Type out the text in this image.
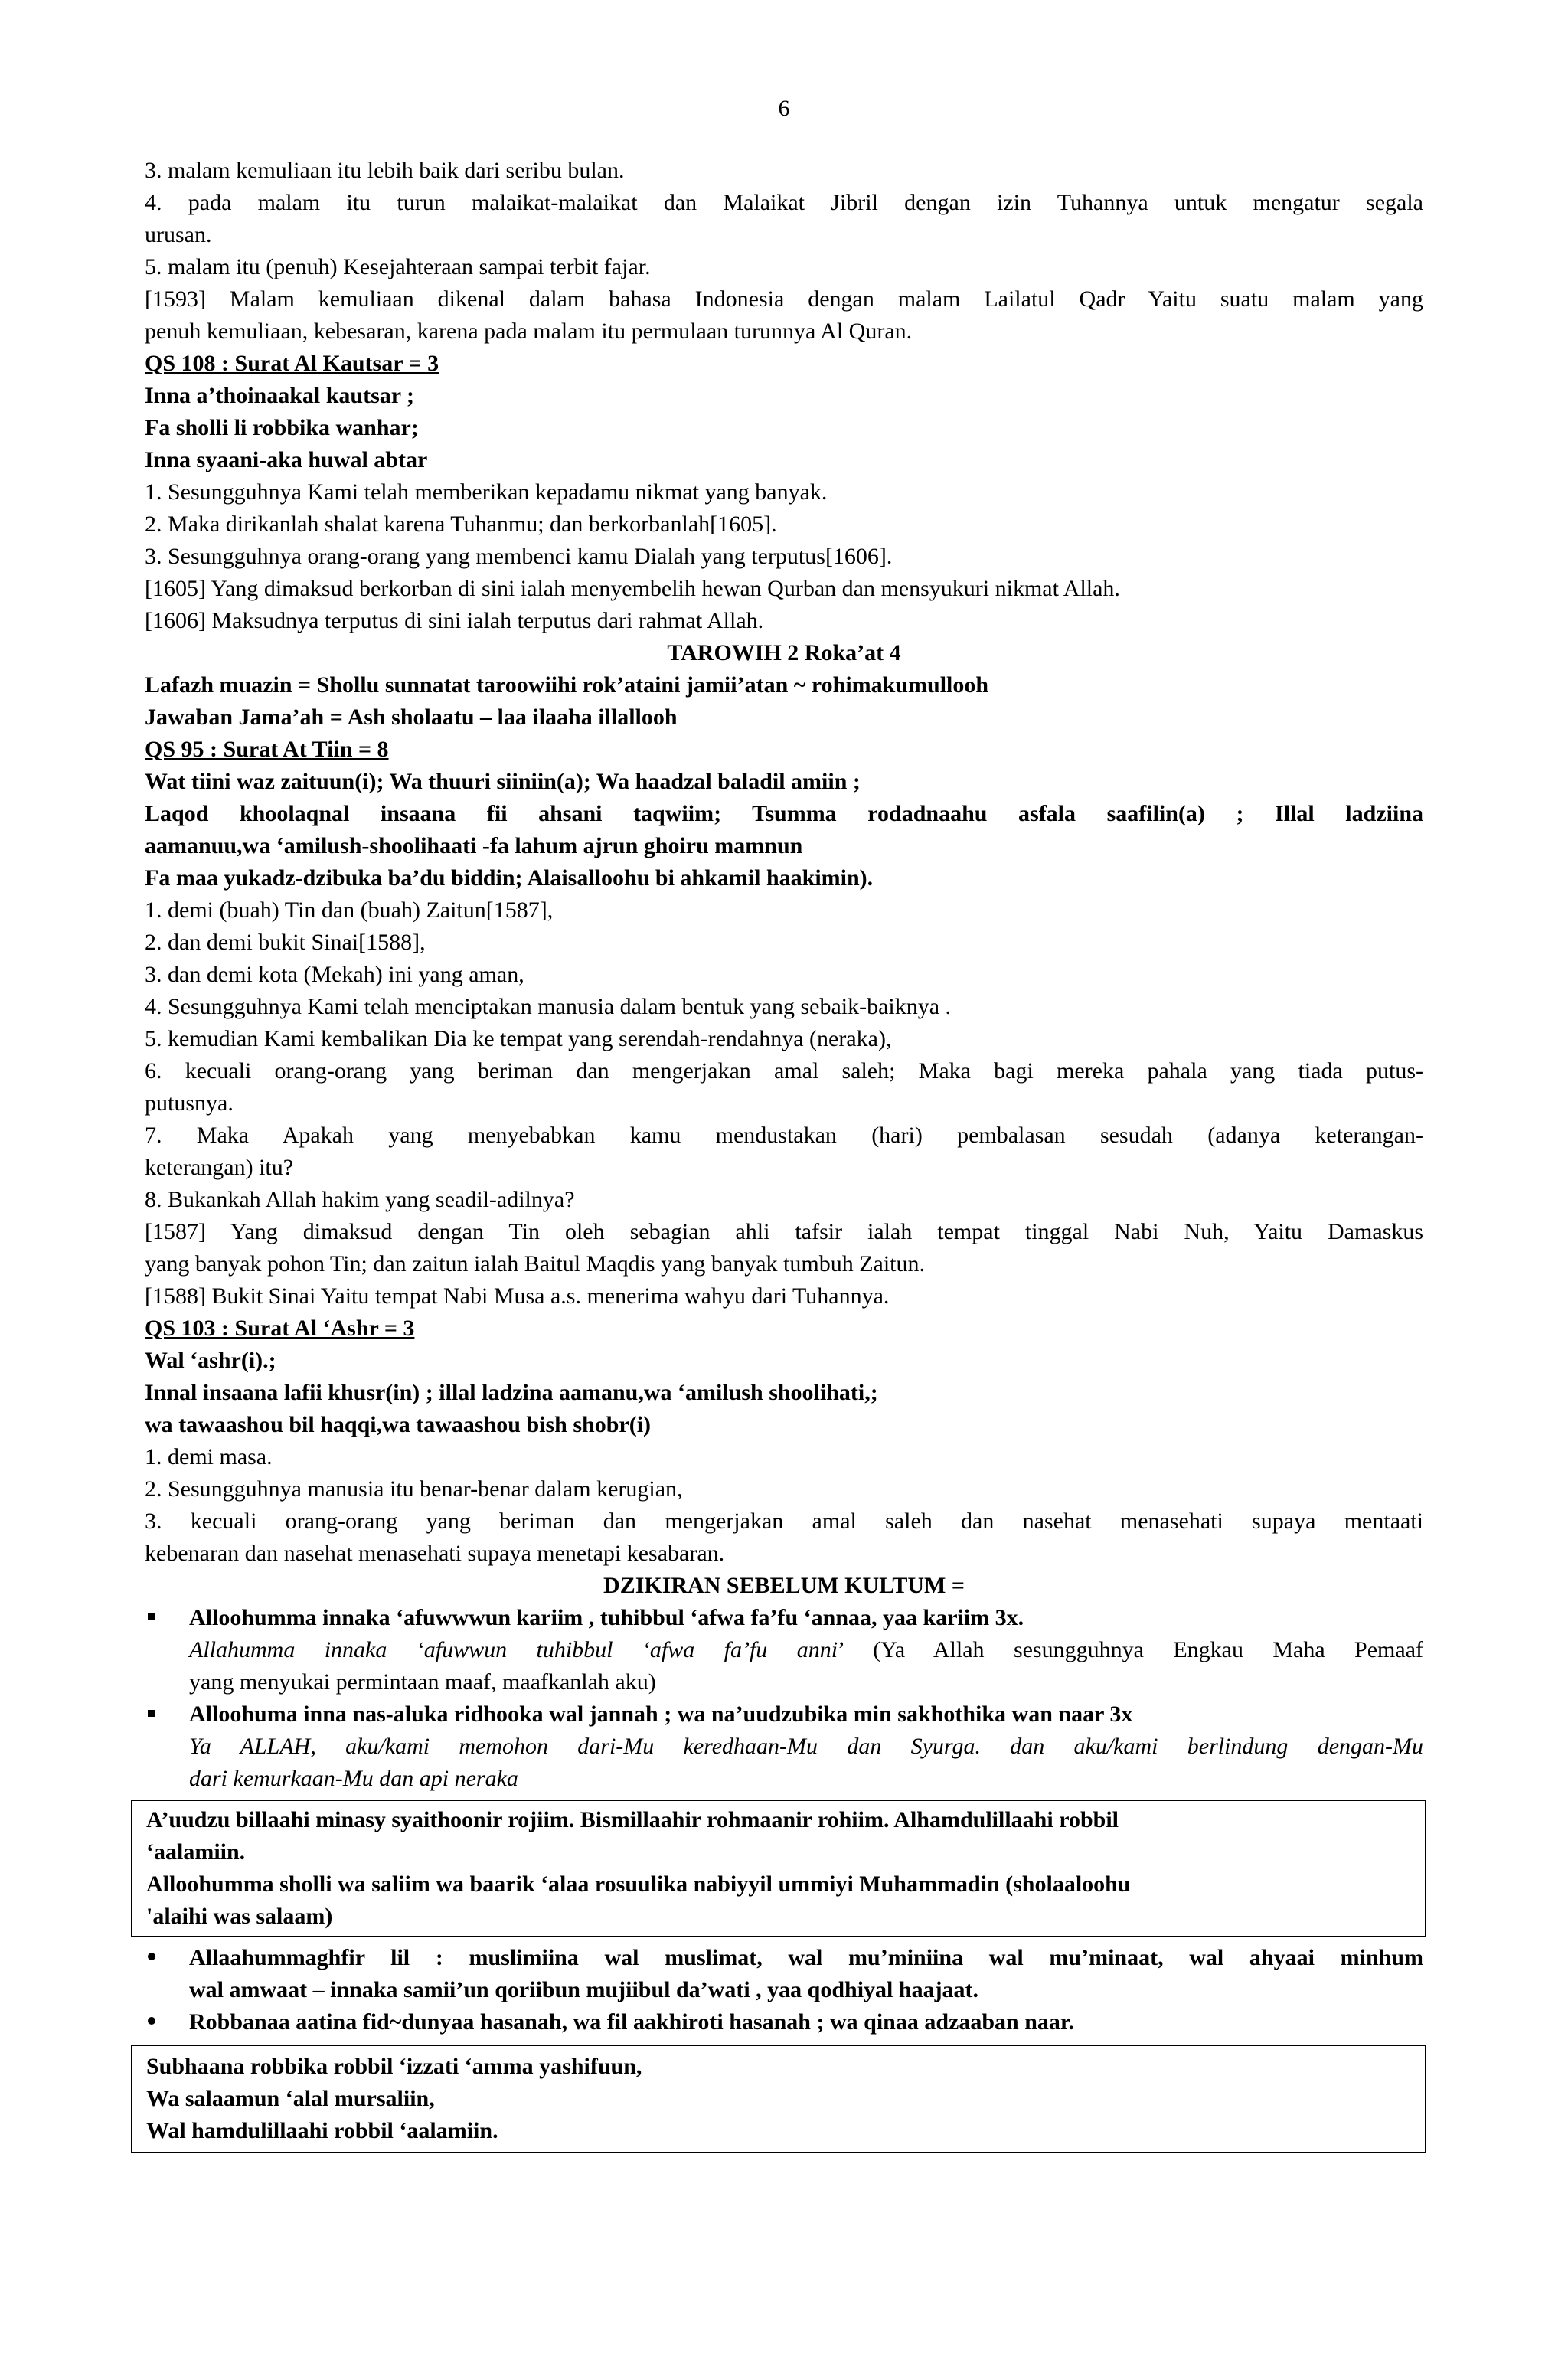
6
3. malam kemuliaan itu lebih baik dari seribu bulan.
4. pada malam itu turun malaikat-malaikat dan Malaikat Jibril dengan izin Tuhannya untuk mengatur segala
urusan.
5. malam itu (penuh) Kesejahteraan sampai terbit fajar.
[1593] Malam kemuliaan dikenal dalam bahasa Indonesia dengan malam Lailatul Qadr Yaitu suatu malam yang
penuh kemuliaan, kebesaran, karena pada malam itu permulaan turunnya Al Quran.
QS 108 : Surat Al Kautsar = 3
Inna a’thoinaakal kautsar ;
Fa sholli li robbika wanhar;
Inna syaani-aka huwal abtar
1. Sesungguhnya Kami telah memberikan kepadamu nikmat yang banyak.
2. Maka dirikanlah shalat karena Tuhanmu; dan berkorbanlah[1605].
3. Sesungguhnya orang-orang yang membenci kamu Dialah yang terputus[1606].
[1605] Yang dimaksud berkorban di sini ialah menyembelih hewan Qurban dan mensyukuri nikmat Allah.
[1606] Maksudnya terputus di sini ialah terputus dari rahmat Allah.
TAROWIH 2 Roka’at 4
Lafazh muazin = Shollu sunnatat taroowiihi rok’ataini jamii’atan ~ rohimakumullooh
Jawaban Jama’ah = Ash sholaatu – laa ilaaha illallooh
QS 95 : Surat At Tiin = 8
Wat tiini waz zaituun(i); Wa thuuri siiniin(a); Wa haadzal baladil amiin ;
Laqod khoolaqnal insaana fii ahsani taqwiim; Tsumma rodadnaahu asfala saafilin(a) ; Illal ladziina
aamanuu,wa ‘amilush-shoolihaati -fa lahum ajrun ghoiru mamnun
Fa maa yukadz-dzibuka ba’du biddin; Alaisalloohu bi ahkamil haakimin).
1. demi (buah) Tin dan (buah) Zaitun[1587],
2. dan demi bukit Sinai[1588],
3. dan demi kota (Mekah) ini yang aman,
4. Sesungguhnya Kami telah menciptakan manusia dalam bentuk yang sebaik-baiknya .
5. kemudian Kami kembalikan Dia ke tempat yang serendah-rendahnya (neraka),
6. kecuali orang-orang yang beriman dan mengerjakan amal saleh; Maka bagi mereka pahala yang tiada putus-
putusnya.
7. Maka Apakah yang menyebabkan kamu mendustakan (hari) pembalasan sesudah (adanya keterangan-
keterangan) itu?
8. Bukankah Allah hakim yang seadil-adilnya?
[1587] Yang dimaksud dengan Tin oleh sebagian ahli tafsir ialah tempat tinggal Nabi Nuh, Yaitu Damaskus
yang banyak pohon Tin; dan zaitun ialah Baitul Maqdis yang banyak tumbuh Zaitun.
[1588] Bukit Sinai Yaitu tempat Nabi Musa a.s. menerima wahyu dari Tuhannya.
QS 103 : Surat Al ‘Ashr = 3
Wal ‘ashr(i).;
Innal insaana lafii khusr(in) ; illal ladzina aamanu,wa ‘amilush shoolihati,;
wa tawaashou bil haqqi,wa tawaashou bish shobr(i)
1. demi masa.
2. Sesungguhnya manusia itu benar-benar dalam kerugian,
3. kecuali orang-orang yang beriman dan mengerjakan amal saleh dan nasehat menasehati supaya mentaati
kebenaran dan nasehat menasehati supaya menetapi kesabaran.
DZIKIRAN SEBELUM KULTUM =
Alloohumma innaka ‘afuwwwun kariim , tuhibbul ‘afwa fa’fu ‘annaa, yaa kariim 3x.
Allahumma innaka ‘afuwwun tuhibbul ‘afwa fa’fu anni’ (Ya Allah sesungguhnya Engkau Maha Pemaaf
yang menyukai permintaan maaf, maafkanlah aku)
Alloohuma inna nas-aluka ridhooka wal jannah ; wa na’uudzubika min sakhothika wan naar 3x
Ya ALLAH, aku/kami memohon dari-Mu keredhaan-Mu dan Syurga. dan aku/kami berlindung dengan-Mu
dari kemurkaan-Mu dan api neraka
A’uudzu billaahi minasy syaithoonir rojiim. Bismillaahir rohmaanir rohiim. Alhamdulillaahi robbil
‘aalamiin.
Alloohumma sholli wa saliim wa baarik ‘alaa rosuulika nabiyyil ummiyi Muhammadin (sholaaloohu
'alaihi was salaam)
Allaahummaghfir lil : muslimiina wal muslimat, wal mu’miniina wal mu’minaat, wal ahyaai minhum
wal amwaat – innaka samii’un qoriibun mujiibul da’wati , yaa qodhiyal haajaat.
Robbanaa aatina fid~dunyaa hasanah, wa fil aakhiroti hasanah ; wa qinaa adzaaban naar.
Subhaana robbika robbil ‘izzati ‘amma yashifuun,
Wa salaamun ‘alal mursaliin,
Wal hamdulillaahi robbil ‘aalamiin.
